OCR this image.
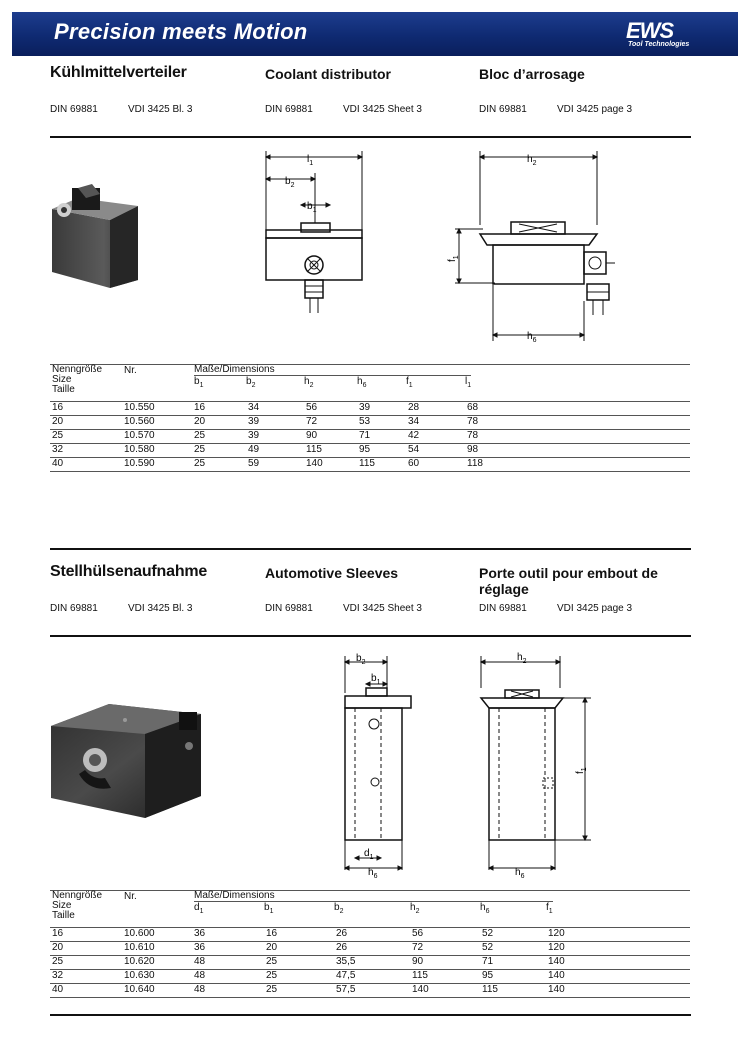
Precision meets Motion	EWS
Tool Technologies
Kühlmittelverteiler	Coolant distributor	Bloc d’arrosage
DIN 69881	VDI 3425 Bl. 3	DIN 69881	VDI 3425 Sheet 3	DIN 69881	VDI 3425 page 3
$l_1$
$b_2$
$b_1$
$h_2$
$f_1$
$h_6$
Nenngröße
Size
Taille
	Nr.	Maße/Dimensions
$b_1$	$b_2$	$h_2$	$h_6$	$f_1$	$l_1$

16	10.550	16	34	56	39	28	68
20	10.560	20	39	72	53	34	78
25	10.570	25	39	90	71	42	78
32	10.580	25	49	115	95	54	98
40	10.590	25	59	140	115	60	118
Stellhülsenaufnahme	Automotive Sleeves	Porte outil pour embout de
réglage
DIN 69881	VDI 3425 Bl. 3	DIN 69881	VDI 3425 Sheet 3	DIN 69881	VDI 3425 page 3
$b_2$
$b_1$
$d_1$
$h_6$
$h_2$
$f_1$
$h_6$
Nenngröße
Size
Taille
	Nr.	Maße/Dimensions
$d_1$	$b_1$	$b_2$	$h_2$	$h_6$	$f_1$

16	10.600	36	16	26	56	52	120
20	10.610	36	20	26	72	52	120
25	10.620	48	25	35,5	90	71	140
32	10.630	48	25	47,5	115	95	140
40	10.640	48	25	57,5	140	115	140
